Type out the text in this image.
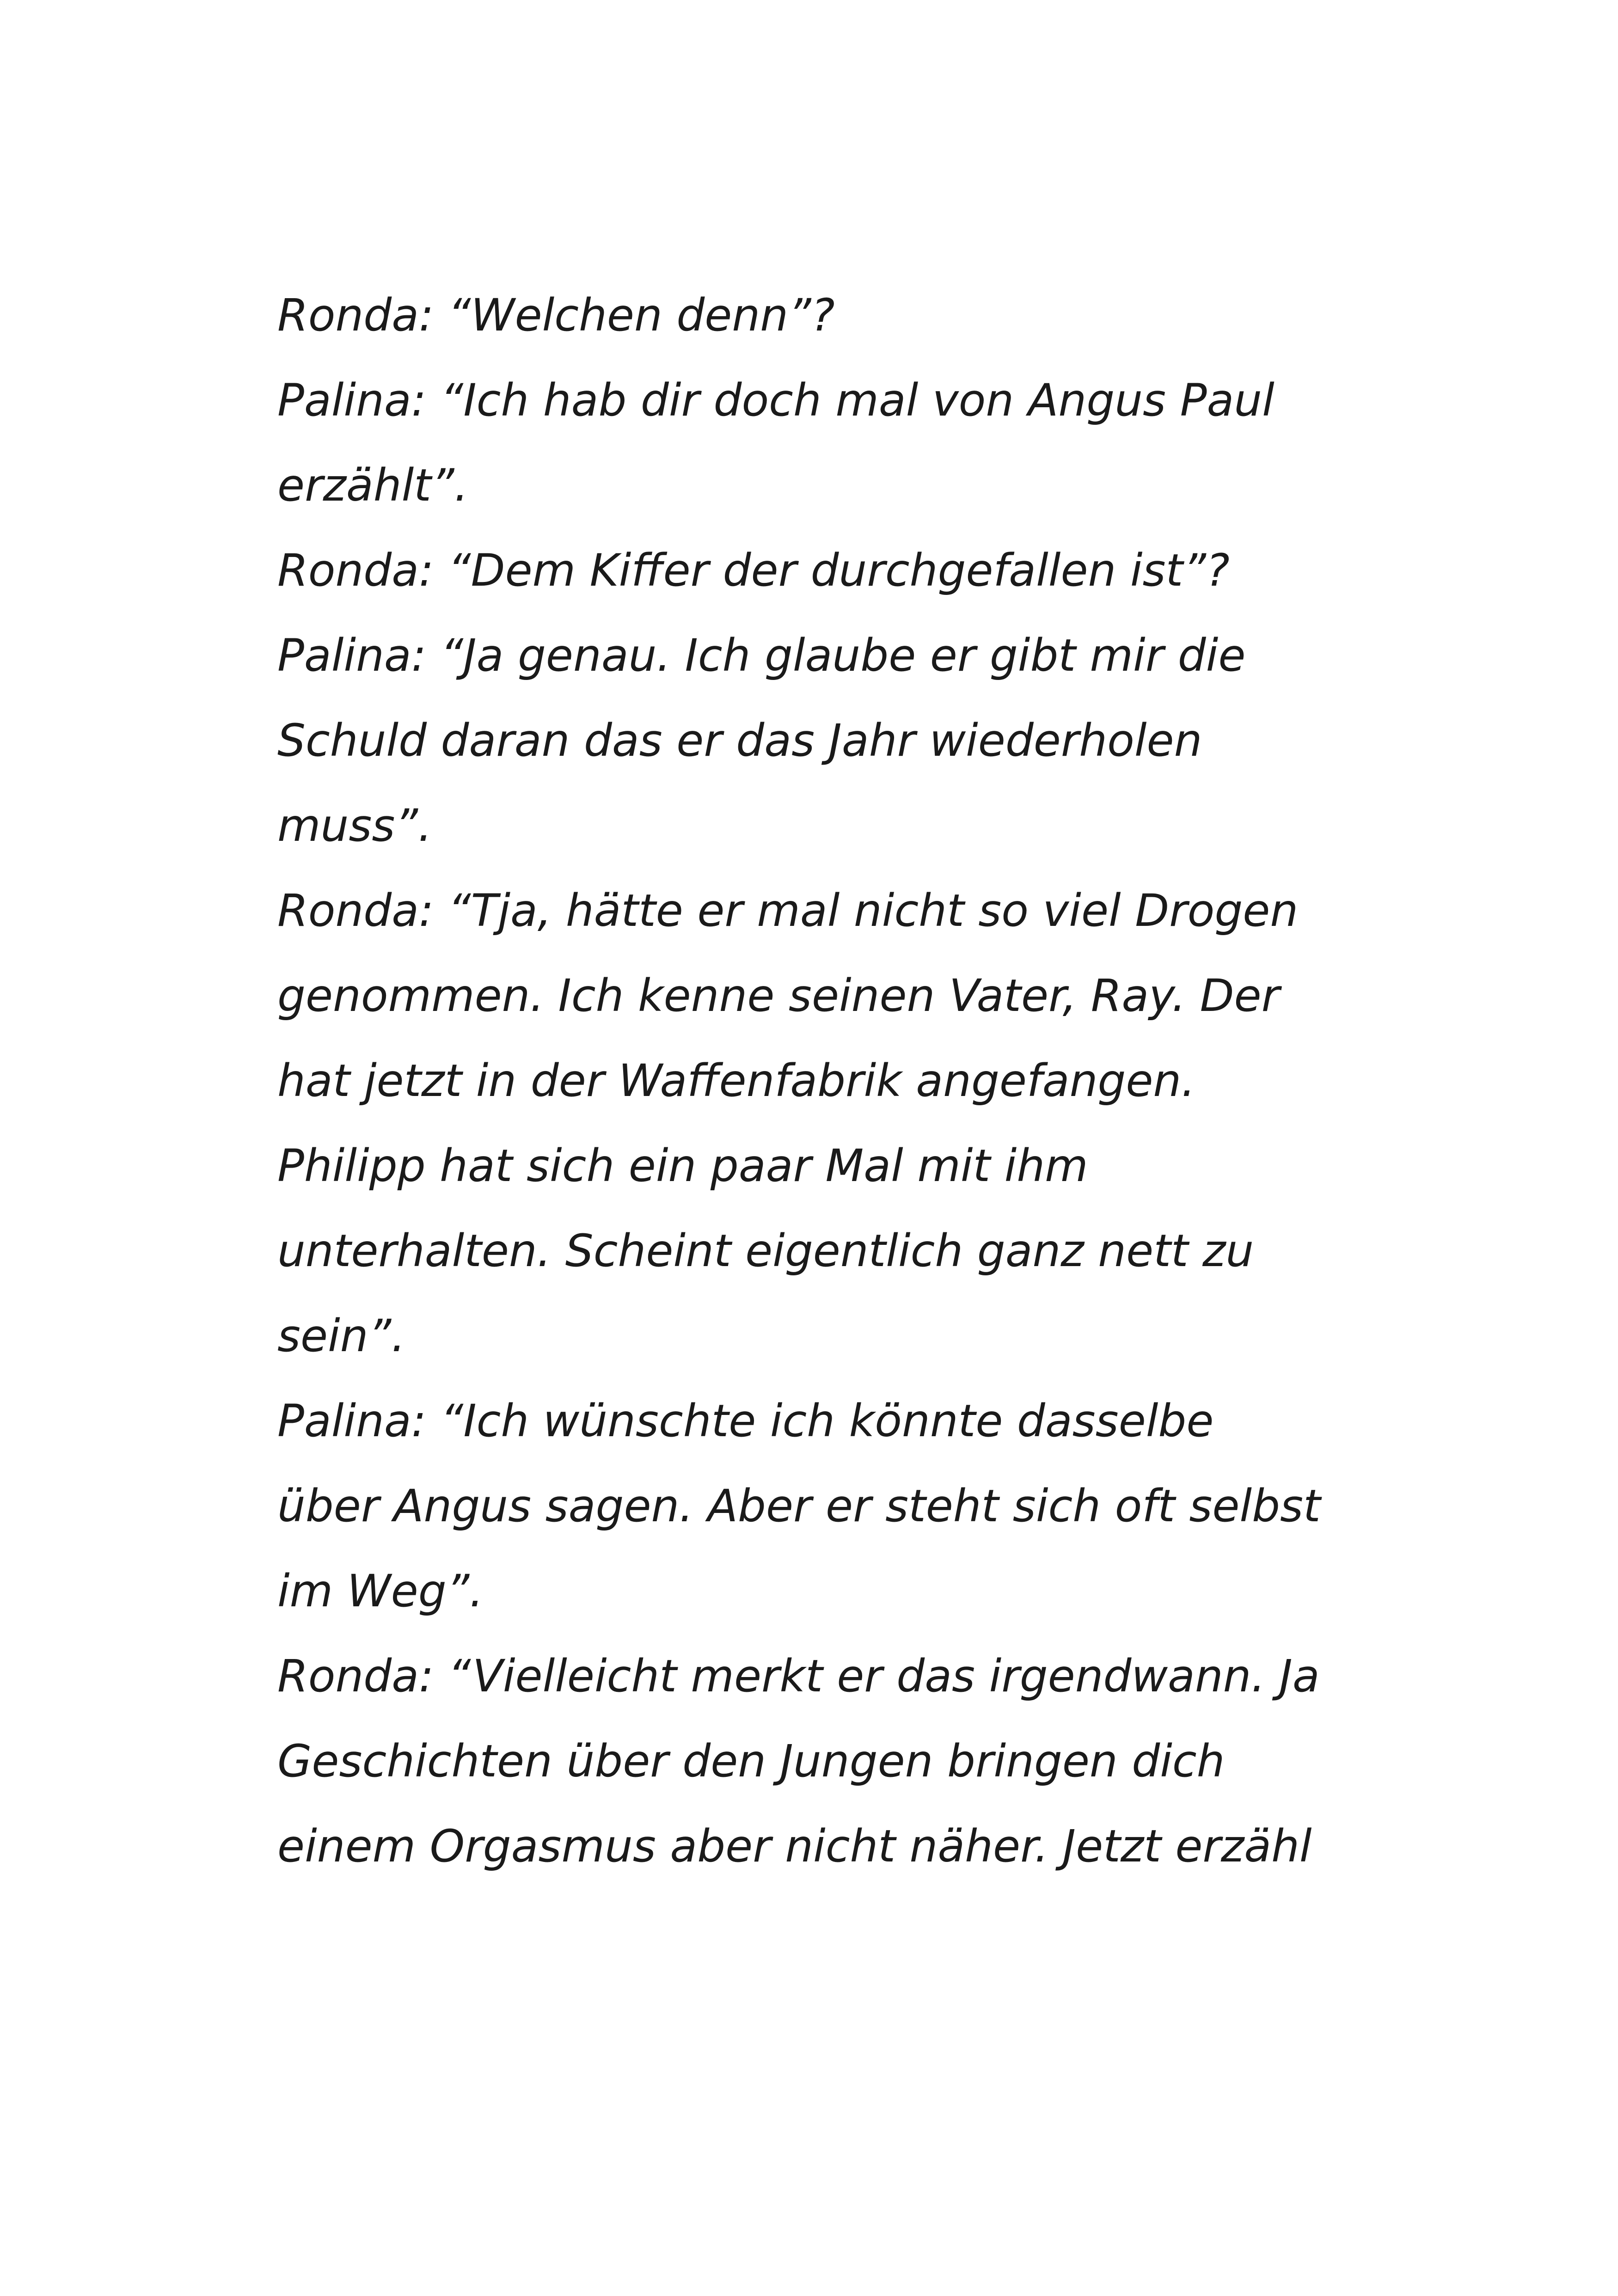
Ronda: “Welchen denn”?
Palina: “Ich hab dir doch mal von Angus Paul
erzählt”.
Ronda: “Dem Kiffer der durchgefallen ist”?
Palina: “Ja genau. Ich glaube er gibt mir die
Schuld daran das er das Jahr wiederholen
muss”.
Ronda: “Tja, hätte er mal nicht so viel Drogen
genommen. Ich kenne seinen Vater, Ray. Der
hat jetzt in der Waffenfabrik angefangen.
Philipp hat sich ein paar Mal mit ihm
unterhalten. Scheint eigentlich ganz nett zu
sein”.
Palina: “Ich wünschte ich könnte dasselbe
über Angus sagen. Aber er steht sich oft selbst
im Weg”.
Ronda: “Vielleicht merkt er das irgendwann. Ja
Geschichten über den Jungen bringen dich
einem Orgasmus aber nicht näher. Jetzt erzähl
